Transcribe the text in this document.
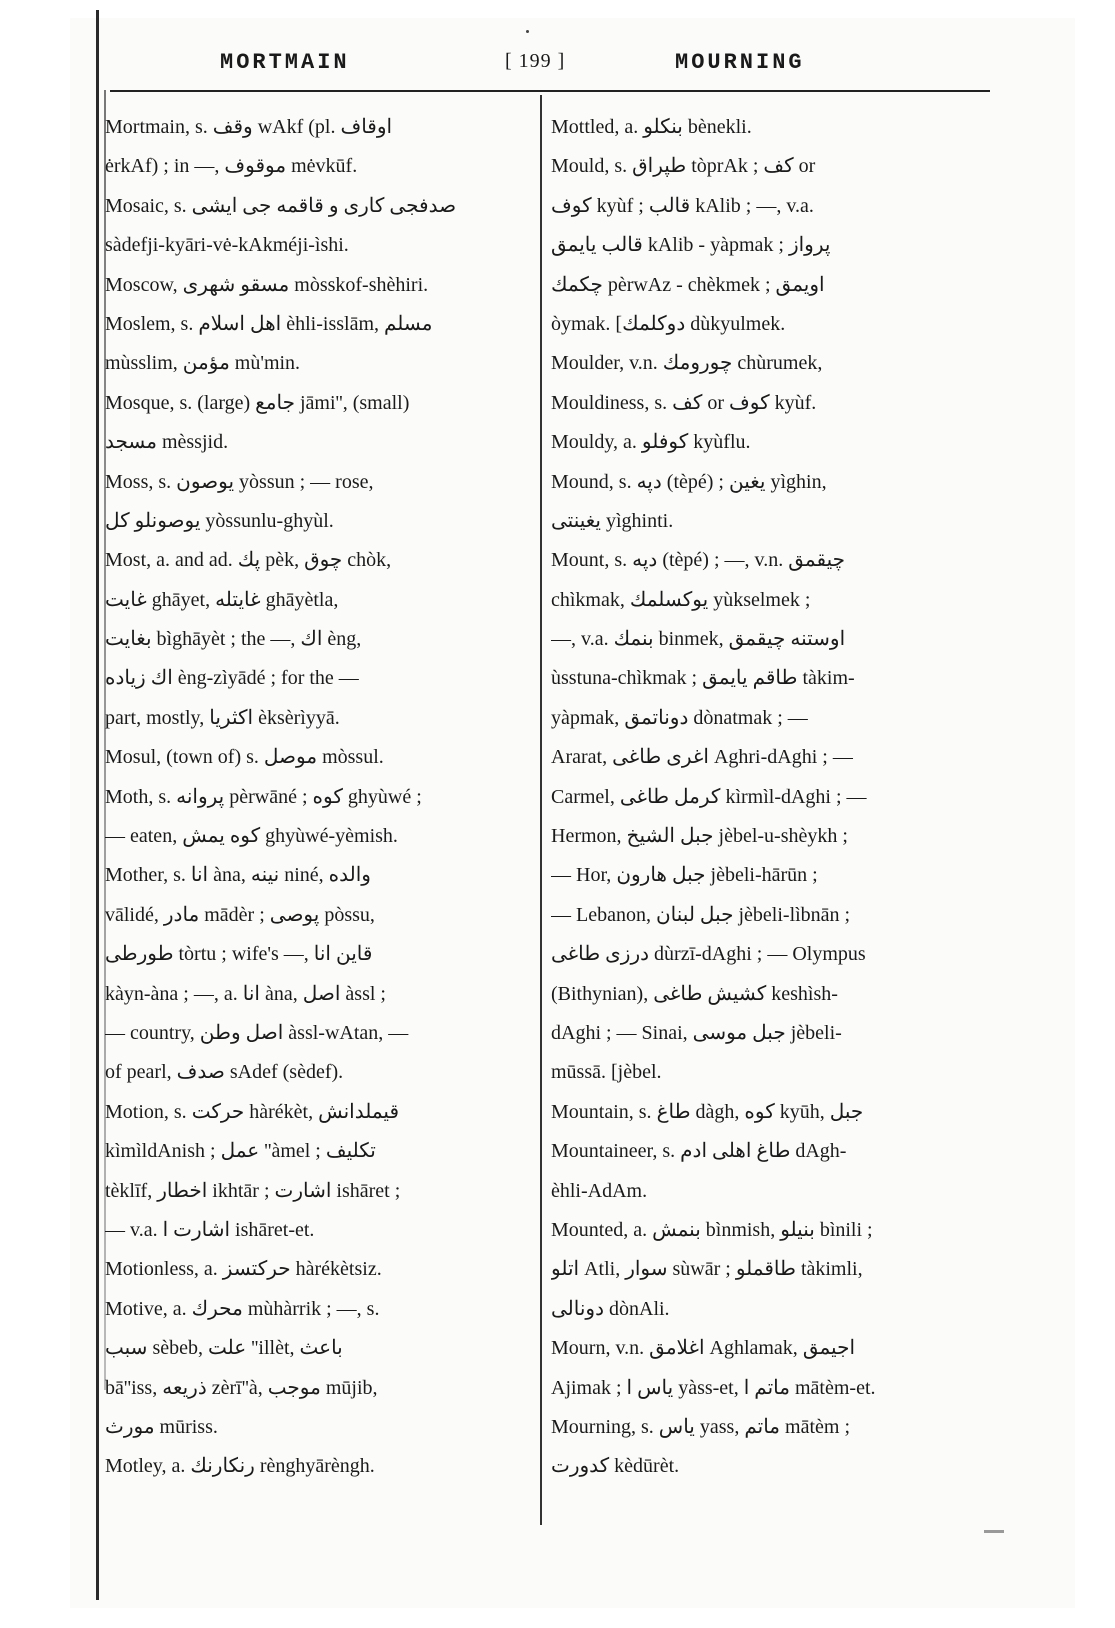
MORTMAIN	[ 199 ]	MOURNING
Mortmain, s. وقف wAkf (pl. اوقاف
ėrkAf) ; in —, موقوف mėvkūf.
Mosaic, s. صدفجى كارى و قاقمه جى ايشى
sàdefji-kyāri-vė-kAkméji-ìshi.
Moscow, مسقو شهرى mòsskof-shèhiri.
Moslem, s. اهل اسلام èhli-isslām, مسلم
mùsslim, مؤمن mù'min.
Mosque, s. (large) جامع jāmi'', (small)
مسجد mèssjid.
Moss, s. يوصون yòssun ; — rose,
يوصونلو كل yòssunlu-ghyùl.
Most, a. and ad. پك pèk, چوق chòk,
غايت ghāyet, غايتله ghāyètla,
بغايت bìghāyèt ; the —, اك èng,
اك زياده èng-zìyādé ; for the —
part, mostly, اكثريا èksèrìyyā.
Mosul, (town of) s. موصل mòssul.
Moth, s. پروانه pèrwāné ; كوه ghyùwé ;
— eaten, كوه يمش ghyùwé-yèmish.
Mother, s. انا àna, نينه niné, والده
vālidé, مادر mādèr ; پوصى pòssu,
طورطى tòrtu ; wife's —, قاين انا
kàyn-àna ; —, a. انا àna, اصل àssl ;
— country, اصل وطن àssl-wAtan, —
of pearl, صدف sAdef (sèdef).
Motion, s. حركت hàrékèt, قيملدانش
kìmìldAnish ; عمل ''àmel ; تكليف
tèklīf, اخطار ikhtār ; اشارت ishāret ;
— v.a. اشارت ا ishāret-et.
Motionless, a. حركتسز hàrékètsiz.
Motive, a. محرك mùhàrrik ; —, s.
سبب sèbeb, علت ''illèt, باعث
bā''iss, ذريعه zèrī''à, موجب mūjib,
مورث mūriss.
Motley, a. رنكارنك rènghyārèngh.
Mottled, a. بنكلو bènekli.
Mould, s. طپراق tòprAk ; كف or
كوف kyùf ; قالب kAlib ; —, v.a.
قالب يايمق kAlib - yàpmak ; پرواز
چكمك pèrwAz - chèkmek ; اويمق
òymak. [دوكلمك dùkyulmek.
Moulder, v.n. چورومك chùrumek,
Mouldiness, s. كف or كوف kyùf.
Mouldy, a. كوفلو kyùflu.
Mound, s. دپه (tèpé) ; يغين yìghin,
يغينتى yìghinti.
Mount, s. دپه (tèpé) ; —, v.n. چيقمق
chìkmak, يوكسلمك yùkselmek ;
—, v.a. بنمك binmek, اوستنه چيقمق
ùsstuna-chìkmak ; طاقم يايمق tàkim-
yàpmak, دوناتمق dònatmak ; —
Ararat, اغرى طاغى Aghri-dAghi ; —
Carmel, كرمل طاغى kìrmìl-dAghi ; —
Hermon, جبل الشيخ jèbel-u-shèykh ;
— Hor, جبل هارون jèbeli-hārūn ;
— Lebanon, جبل لبنان jèbeli-lìbnān ;
درزى طاغى dùrzī-dAghi ; — Olympus
(Bithynian), كشيش طاغى keshìsh-
dAghi ; — Sinai, جبل موسى jèbeli-
mūssā. [jèbel.
Mountain, s. طاغ dàgh, كوه kyūh, جبل
Mountaineer, s. طاغ اهلى ادم dAgh-
èhli-AdAm.
Mounted, a. بنمش bìnmish, بنيلو bìnili ;
اتلو Atli, سوار sùwār ; طاقملو tàkimli,
دونالى dònAli.
Mourn, v.n. اغلامق Aghlamak, اجيمق
Ajimak ; ياس ا yàss-et, ماتم ا mātèm-et.
Mourning, s. ياس yass, ماتم mātèm ;
كدورت kèdūrèt.
